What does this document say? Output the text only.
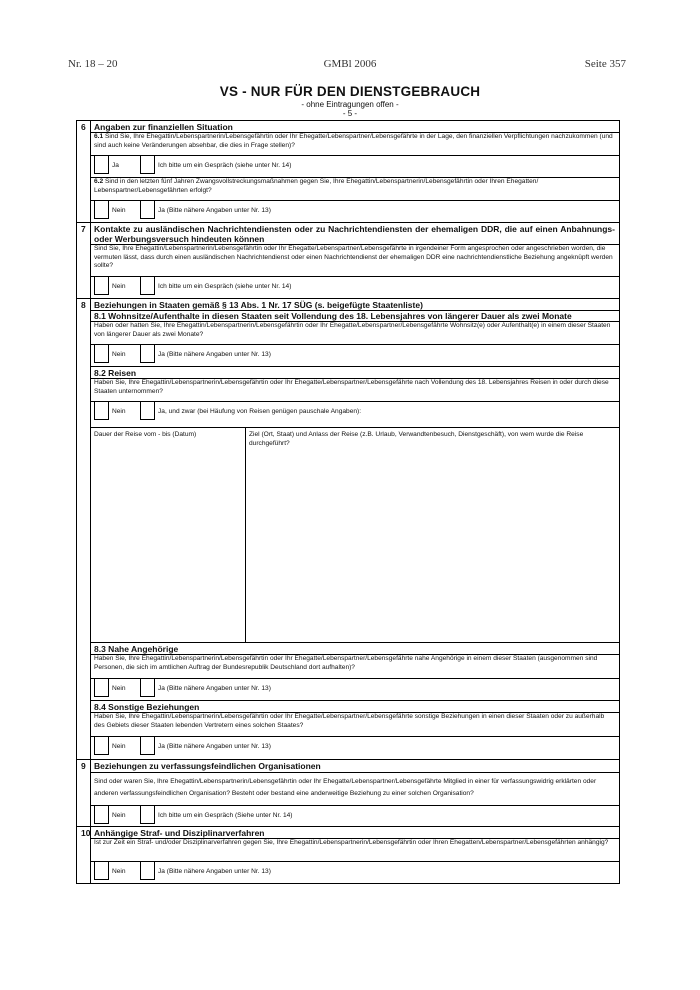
Nr. 18 – 20	GMBl 2006	Seite 357
VS - NUR FÜR DEN DIENSTGEBRAUCH
- ohne Eintragungen offen -
- 5 -
6 Angaben zur finanziellen Situation
6.1 Sind Sie, Ihre Ehegattin/Lebenspartnerin/Lebensgefährtin oder Ihr Ehegatte/Lebenspartner/Lebensgefährte in der Lage, den finanziellen Verpflichtungen nachzukommen (und sind auch keine Veränderungen absehbar, die dies in Frage stellen)?
Ja	Ich bitte um ein Gespräch (siehe unter Nr. 14)
6.2 Sind in den letzten fünf Jahren Zwangsvollstreckungsmaßnahmen gegen Sie, Ihre Ehegattin/Lebenspartnerin/Lebensgefährtin oder Ihren Ehegatten/ Lebenspartner/Lebensgefährten erfolgt?
Nein	Ja (Bitte nähere Angaben unter Nr. 13)
7 Kontakte zu ausländischen Nachrichtendiensten oder zu Nachrichtendiensten der ehemaligen DDR, die auf einen Anbahnungs- oder Werbungsversuch hindeuten können
Sind Sie, Ihre Ehegattin/Lebenspartnerin/Lebensgefährtin oder Ihr Ehegatte/Lebenspartner/Lebensgefährte in irgendeiner Form angesprochen oder angeschrieben worden, die vermuten lässt, dass durch einen ausländischen Nachrichtendienst oder einen Nachrichtendienst der ehemaligen DDR eine nachrichtendienstliche Beziehung angeknüpft werden sollte?
Nein	Ich bitte um ein Gespräch (siehe unter Nr. 14)
8 Beziehungen in Staaten gemäß § 13 Abs. 1 Nr. 17 SÜG (s. beigefügte Staatenliste)
8.1 Wohnsitze/Aufenthalte in diesen Staaten seit Vollendung des 18. Lebensjahres von längerer Dauer als zwei Monate
Haben oder hatten Sie, Ihre Ehegattin/Lebenspartnerin/Lebensgefährtin oder Ihr Ehegatte/Lebenspartner/Lebensgefährte Wohnsitz(e) oder Aufenthalt(e) in einem dieser Staaten von längerer Dauer als zwei Monate?
Nein	Ja (Bitte nähere Angaben unter Nr. 13)
8.2 Reisen
Haben Sie, Ihre Ehegattin/Lebenspartnerin/Lebensgefährtin oder Ihr Ehegatte/Lebenspartner/Lebensgefährte nach Vollendung des 18. Lebensjahres Reisen in oder durch diese Staaten unternommen?
Nein	Ja, und zwar (bei Häufung von Reisen genügen pauschale Angaben):
Dauer der Reise vom - bis (Datum)	Ziel (Ort, Staat) und Anlass der Reise (z.B. Urlaub, Verwandtenbesuch, Dienstgeschäft), von wem wurde die Reise durchgeführt?
8.3 Nahe Angehörige
Haben Sie, Ihre Ehegattin/Lebenspartnerin/Lebensgefährtin oder Ihr Ehegatte/Lebenspartner/Lebensgefährte nahe Angehörige in einem dieser Staaten (ausgenommen sind Personen, die sich im amtlichen Auftrag der Bundesrepublik Deutschland dort aufhalten)?
Nein	Ja (Bitte nähere Angaben unter Nr. 13)
8.4 Sonstige Beziehungen
Haben Sie, Ihre Ehegattin/Lebenspartnerin/Lebensgefährtin oder Ihr Ehegatte/Lebenspartner/Lebensgefährte sonstige Beziehungen in einen dieser Staaten oder zu außerhalb des Gebiets dieser Staaten lebenden Vertretern eines solchen Staates?
Nein	Ja (Bitte nähere Angaben unter Nr. 13)
9 Beziehungen zu verfassungsfeindlichen Organisationen
Sind oder waren Sie, Ihre Ehegattin/Lebenspartnerin/Lebensgefährtin oder Ihr Ehegatte/Lebenspartner/Lebensgefährte Mitglied in einer für verfassungswidrig erklärten oder anderen verfassungsfeindlichen Organisation? Besteht oder bestand eine anderweitige Beziehung zu einer solchen Organisation?
Nein	Ich bitte um ein Gespräch (Siehe unter Nr. 14)
10 Anhängige Straf- und Disziplinarverfahren
Ist zur Zeit ein Straf- und/oder Disziplinarverfahren gegen Sie, Ihre Ehegattin/Lebenspartnerin/Lebensgefährtin oder Ihren Ehegatten/Lebenspartner/Lebensgefährten anhängig?
Nein	Ja (Bitte nähere Angaben unter Nr. 13)
